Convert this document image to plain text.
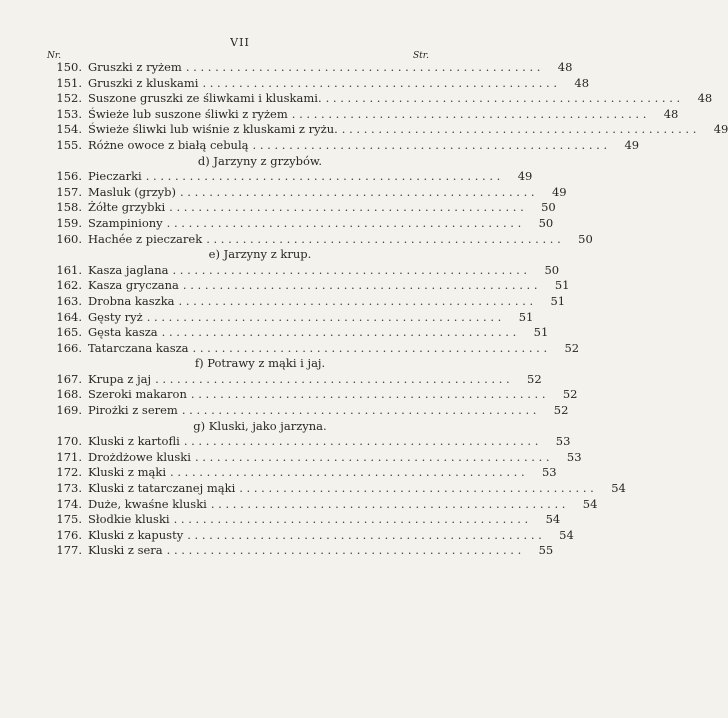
VII
Nr.	Str.
150. Gruszki z ryżem . . .	48
151. Gruszki z kluskami . . .	48
152. Suszone gruszki ze śliwkami i kluskami. . . .	48
153. Świeże lub suszone śliwki z ryżem . . .	48
154. Świeże śliwki lub wiśnie z kluskami z ryżu. . . .	49
155. Różne owoce z białą cebulą . . .	49
d) Jarzyny z grzybów.
156. Pieczarki . . .	49
157. Masluk (grzyb) . . .	49
158. Żółte grzybki . . .	50
159. Szampiniony . . .	50
160. Hachée z pieczarek . . .	50
e) Jarzyny z krup.
161. Kasza jaglana . . .	50
162. Kasza gryczana . . .	51
163. Drobna kaszka . . .	51
164. Gęsty ryż . . .	51
165. Gęsta kasza . . .	51
166. Tatarczana kasza . . .	52
f) Potrawy z mąki i jaj.
167. Krupa z jaj . . .	52
168. Szeroki makaron . . .	52
169. Pirożki z serem . . .	52
g) Kluski, jako jarzyna.
170. Kluski z kartofli . . .	53
171. Drożdżowe kluski . . .	53
172. Kluski z mąki . . .	53
173. Kluski z tatarczanej mąki . . .	54
174. Duże, kwaśne kluski . . .	54
175. Słodkie kluski . . .	54
176. Kluski z kapusty . . .	54
177. Kluski z sera . . .	55
